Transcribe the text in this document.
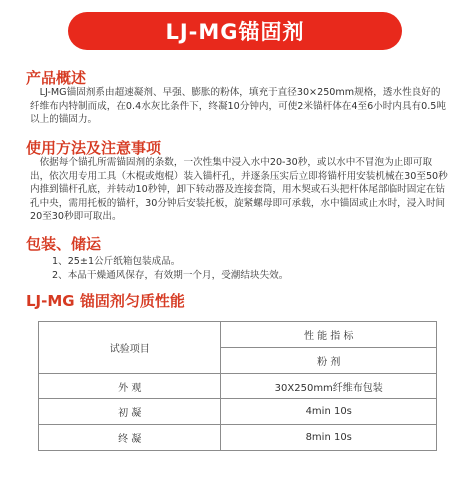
LJ-MG锚固剂
产品概述

　LJ-MG锚固剂系由超速凝剂、早强、膨胀的粉体，填充于直径30×250mm规格，透水性良好的纤维布内特制而成，在0.4水灰比条件下，终凝10分钟内，可使2米锚杆体在4至6小时内具有0.5吨以上的锚固力。

使用方法及注意事项

　依据每个锚孔所需锚固剂的条数，一次性集中浸入水中20-30秒，或以水中不冒泡为止即可取出，依次用专用工具（木棍或炮棍）装入锚杆孔，并逐条压实后立即将锚杆用安装机械在30至50秒内推到锚杆孔底，并转动10秒钟，卸下转动器及连接套筒，用木契或石头把杆体尾部临时固定在钻孔中央，需用托板的锚杆，30分钟后安装托板，旋紧螺母即可承载，水中锚固或止水时，浸入时间20至30秒即可取出。

包装、储运
1、25±1公斤纸箱包装成品。
2、本品干燥通风保存，有效期一个月，受潮结块失效。
LJ-MG 锚固剂匀质性能
试验项目	性 能 指 标
	粉 剂
外 观	30X250mm纤维布包装
初 凝	4min 10s
终 凝	8min 10s
